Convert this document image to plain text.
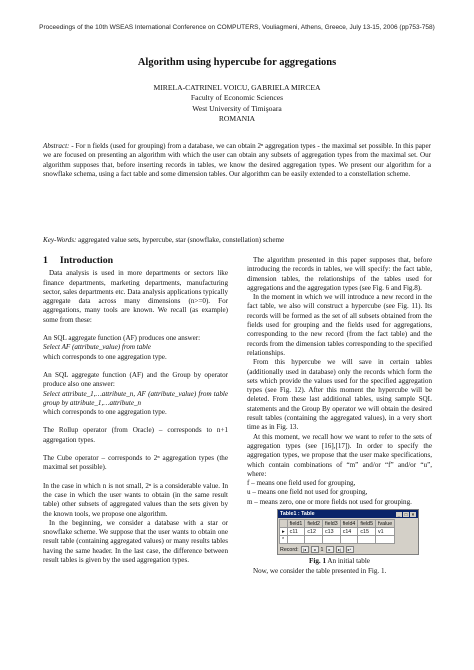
Proceedings of the 10th WSEAS International Conference on COMPUTERS, Vouliagmeni, Athens, Greece, July 13-15, 2006 (pp753-758)
Algorithm using hypercube for aggregations
MIRELA-CATRINEL VOICU, GABRIELA MIRCEA
Faculty of Economic Sciences
West University of Timişoara
ROMANIA
Abstract: - For n fields (used for grouping) from a database, we can obtain 2ⁿ aggregation types - the maximal set possible. In this paper we are focused on presenting an algorithm with which the user can obtain any subsets of aggregation types from the maximal set. Our algorithm supposes that, before inserting records in tables, we know the desired aggregation types. We present our algorithm for a snowflake schema, using a fact table and some dimension tables. Our algorithm can be easily extended to a constellation scheme.
Key-Words: aggregated value sets, hypercube, star (snowflake, constellation) scheme
1 Introduction

Data analysis is used in more departments or sectors like finance departments, marketing departments, manufacturing sector, sales departments etc. Data analysis applications typically aggregate data across many dimensions (n>=0). For aggregations, many tools are known. We recall (as example) some from these:

An SQL aggregate function (AF) produces one answer:

Select AF (attribute_value) from table

which corresponds to one aggregation type.

An SQL aggregate function (AF) and the Group by operator produce also one answer:

Select attribute_1,…attribute_n, AF (attribute_value) from table group by attribute_1,…attribute_n

which corresponds to one aggregation type.

The Rollup operator (from Oracle) – corresponds to n+1 aggregation types.

The Cube operator – corresponds to 2ⁿ aggregation types (the maximal set possible).

In the case in which n is not small, 2ⁿ is a considerable value. In the case in which the user wants to obtain (in the same result table) other subsets of aggregated values than the sets given by the known tools, we propose one algorithm.

In the beginning, we consider a database with a star or snowflake scheme. We suppose that the user wants to obtain one result table (containing aggregated values) or many results tables having the same header. In the last case, the difference between result tables is given by the used aggregation types.

The algorithm presented in this paper supposes that, before introducing the records in tables, we will specify: the fact table, dimension tables, the relationships of the tables used for aggregations and the aggregation types (see Fig. 6 and Fig.8).

In the moment in which we will introduce a new record in the fact table, we also will construct a hypercube (see Fig. 11). Its records will be formed as the set of all subsets obtained from the fields used for grouping and the fields used for aggregations, corresponding to the new record (from the fact table) and the records from the dimension tables corresponding to the specified relationships.

From this hypercube we will save in certain tables (additionally used in database) only the records which form the sets which provide the values used for the specified aggregation types (see Fig. 12). After this moment the hypercube will be deleted. From these last additional tables, using sample SQL statements and the Group By operator we will obtain the desired result tables (containing the aggregated values), in a very short time as in Fig. 13.

At this moment, we recall how we want to refer to the sets of aggregation types (see [16],[17]). In order to specify the aggregation types, we propose that the user make specifications, which contain combinations of “m” and/or “f” and/or “u”, where:

f – means one field used for grouping,

u – means one field not used for grouping,

m – means zero, one or more fields not used for grouping.

Table1 : Table	_ □ ×
	field1	field2	field3	field4	field5	fvalue
▸	c11	c12	c13	c14	c15	v1
*						
Record:	|◂	◂ 1	▸	▸|	▸*
Fig. 1 An initial table

Now, we consider the table presented in Fig. 1.
